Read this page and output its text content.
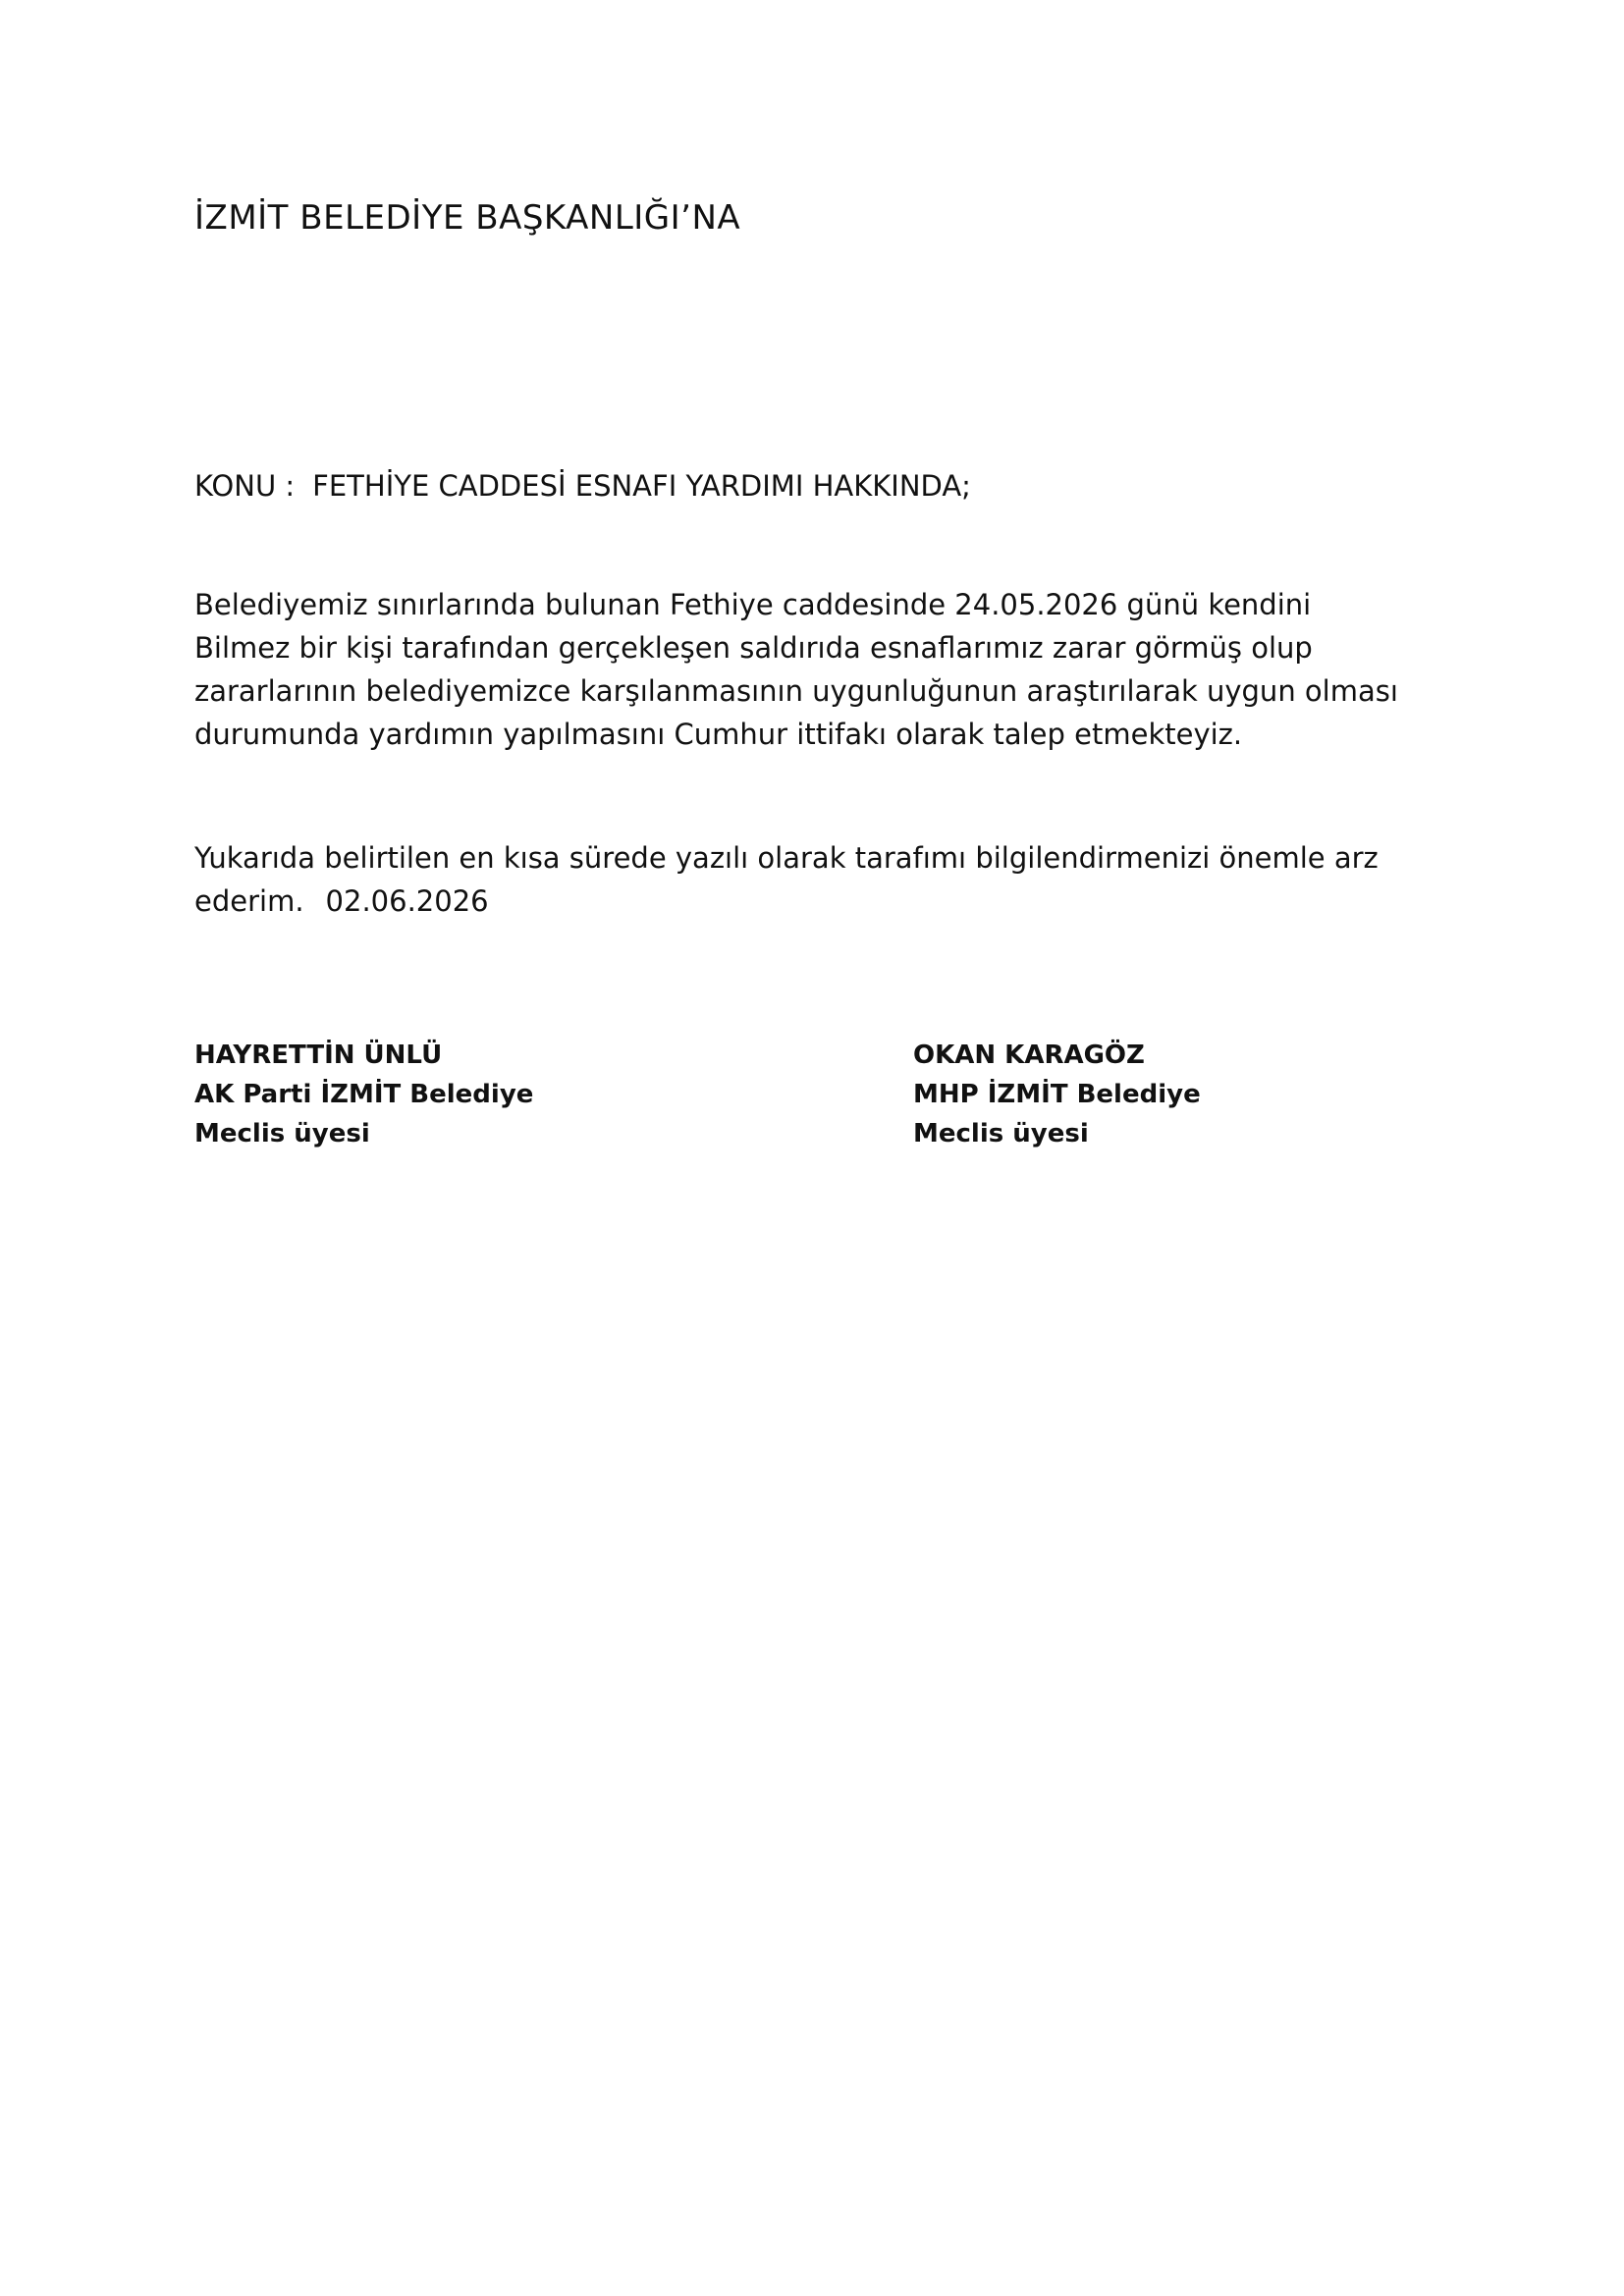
İZMİT BELEDİYE BAŞKANLIĞI’NA

KONU : FETHİYE CADDESİ ESNAFI YARDIMI HAKKINDA;

Belediyemiz sınırlarında bulunan Fethiye caddesinde 24.05.2026 günü kendini
Bilmez bir kişi tarafından gerçekleşen saldırıda esnaflarımız zarar görmüş olup
zararlarının belediyemizce karşılanmasının uygunluğunun araştırılarak uygun olması
durumunda yardımın yapılmasını Cumhur ittifakı olarak talep etmekteyiz.

Yukarıda belirtilen en kısa sürede yazılı olarak tarafımı bilgilendirmenizi önemle arz
ederim. 02.06.2026

HAYRETTİN ÜNLÜ
AK Parti İZMİT Belediye
Meclis üyesi
OKAN KARAGÖZ
MHP İZMİT Belediye
Meclis üyesi
